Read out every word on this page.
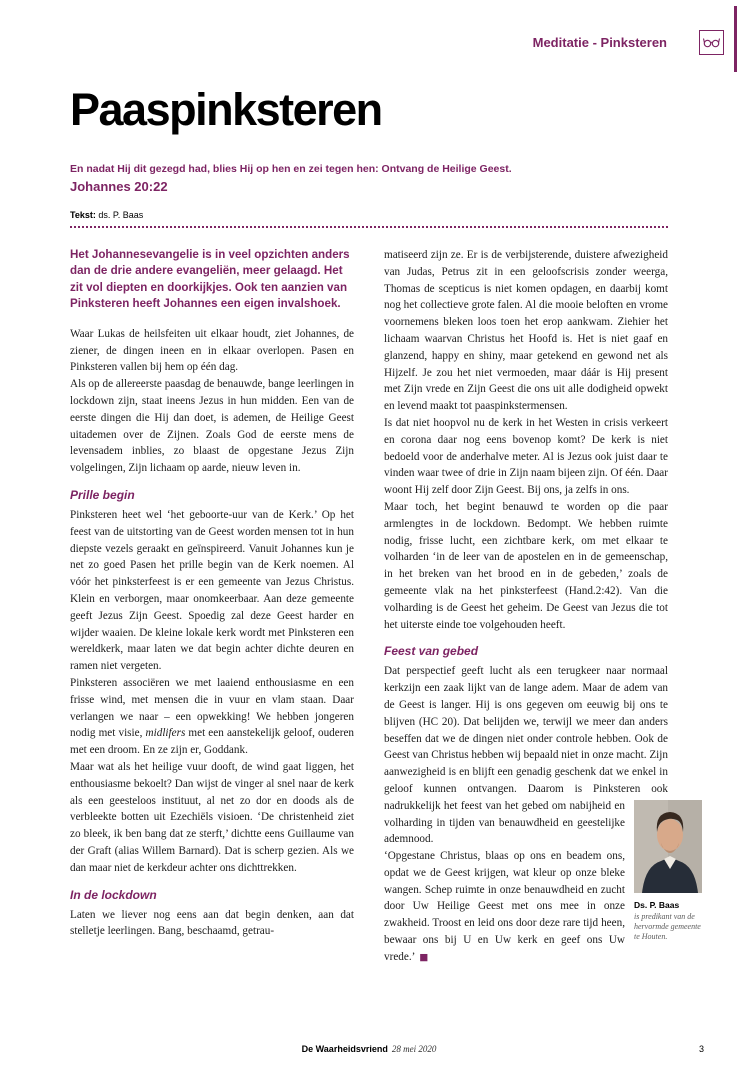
Meditatie - Pinksteren
Paaspinksteren

En nadat Hij dit gezegd had, blies Hij op hen en zei tegen hen: Ontvang de Heilige Geest.

Johannes 20:22

Tekst: ds. P. Baas

Het Johannesevangelie is in veel opzichten anders dan de drie andere evangeliën, meer gelaagd. Het zit vol diepten en doorkijkjes. Ook ten aanzien van Pinksteren heeft Johannes een eigen invalshoek.

Waar Lukas de heilsfeiten uit elkaar houdt, ziet Johannes, de ziener, de dingen ineen en in elkaar overlopen. Pasen en Pinksteren vallen bij hem op één dag.
Als op de allereerste paasdag de benauwde, bange leerlingen in lockdown zijn, staat ineens Jezus in hun midden. Een van de eerste dingen die Hij dan doet, is ademen, de Heilige Geest uitademen over de Zijnen. Zoals God de eerste mens de levensadem inblies, zo blaast de opgestane Jezus Zijn volgelingen, Zijn lichaam op aarde, nieuw leven in.
Prille begin
Pinksteren heet wel ‘het geboorte-uur van de Kerk.’ Op het feest van de uitstorting van de Geest worden mensen tot in hun diepste vezels geraakt en geïnspireerd. Vanuit Johannes kun je net zo goed Pasen het prille begin van de Kerk noemen. Al vóór het pinksterfeest is er een gemeente van Jezus Christus. Klein en verborgen, maar onomkeerbaar. Aan deze gemeente geeft Jezus Zijn Geest. Spoedig zal deze Geest harder en wijder waaien. De kleine lokale kerk wordt met Pinksteren een wereldkerk, maar laten we dat begin achter dichte deuren en ramen niet vergeten.
Pinksteren associëren we met laaiend enthousiasme en een frisse wind, met mensen die in vuur en vlam staan. Daar verlangen we naar – een opwekking! We hebben jongeren nodig met visie, midlifers met een aanstekelijk geloof, ouderen met een droom. En ze zijn er, Goddank.
Maar wat als het heilige vuur dooft, de wind gaat liggen, het enthousiasme bekoelt? Dan wijst de vinger al snel naar de kerk als een geesteloos instituut, al net zo dor en doods als de verbleekte botten uit Ezechiëls visioen. ‘De christenheid ziet zo bleek, ik ben bang dat ze sterft,’ dichtte eens Guillaume van der Graft (alias Willem Barnard). Dat is scherp gezien. Als we dan maar niet de kerkdeur achter ons dichttrekken.
In de lockdown
Laten we liever nog eens aan dat begin denken, aan dat stelletje leerlingen. Bang, beschaamd, getrau-
matiseerd zijn ze. Er is de verbijsterende, duistere afwezigheid van Judas, Petrus zit in een geloofscrisis zonder weerga, Thomas de scepticus is niet komen opdagen, en daarbij komt nog het collectieve grote falen. Al die mooie beloften en vrome voornemens bleken loos toen het erop aankwam. Ziehier het lichaam waarvan Christus het Hoofd is. Het is niet gaaf en glanzend, happy en shiny, maar getekend en gewond net als Hijzelf. Je zou het niet vermoeden, maar dáár is Hij present met Zijn vrede en Zijn Geest die ons uit alle dodigheid opwekt en levend maakt tot paaspinkstermensen.
Is dat niet hoopvol nu de kerk in het Westen in crisis verkeert en corona daar nog eens bovenop komt? De kerk is niet bedoeld voor de anderhalve meter. Al is Jezus ook juist daar te vinden waar twee of drie in Zijn naam bijeen zijn. Of één. Daar woont Hij zelf door Zijn Geest. Bij ons, ja zelfs in ons.
Maar toch, het begint benauwd te worden op die paar armlengtes in de lockdown. Bedompt. We hebben ruimte nodig, frisse lucht, een zichtbare kerk, om met elkaar te volharden ‘in de leer van de apostelen en in de gemeenschap, in het breken van het brood en in de gebeden,’ zoals de gemeente vlak na het pinksterfeest (Hand.2:42). Van die volharding is de Geest het geheim. De Geest van Jezus die tot het uiterste einde toe volgehouden heeft.
Feest van gebed
Dat perspectief geeft lucht als een terugkeer naar normaal kerkzijn een zaak lijkt van de lange adem. Maar de adem van de Geest is langer. Hij is ons gegeven om eeuwig bij ons te blijven (HC 20). Dat belijden we, terwijl we meer dan anders beseffen dat we de dingen niet onder controle hebben. Ook de Geest van Christus hebben wij bepaald niet in onze macht. Zijn aanwezigheid is en blijft een genadig geschenk dat we enkel in geloof kunnen ontvangen. Daarom is Pinksteren ook nadrukkelijk het feest van het gebed
Ds. P. Baas
is predikant van de hervormde gemeente te Houten.
om nabijheid en volharding in tijden van benauwdheid en geestelijke ademnood.
‘Opgestane Christus, blaas op ons en beadem ons, opdat we de Geest krijgen, wat kleur op onze bleke wangen. Schep ruimte in onze benauwdheid en zucht door Uw Heilige Geest met ons mee in onze zwakheid. Troost en leid ons door deze rare tijd heen, bewaar ons bij U en Uw kerk en geef ons Uw vrede.’ ■
De Waarheidsvriend 28 mei 2020	3
